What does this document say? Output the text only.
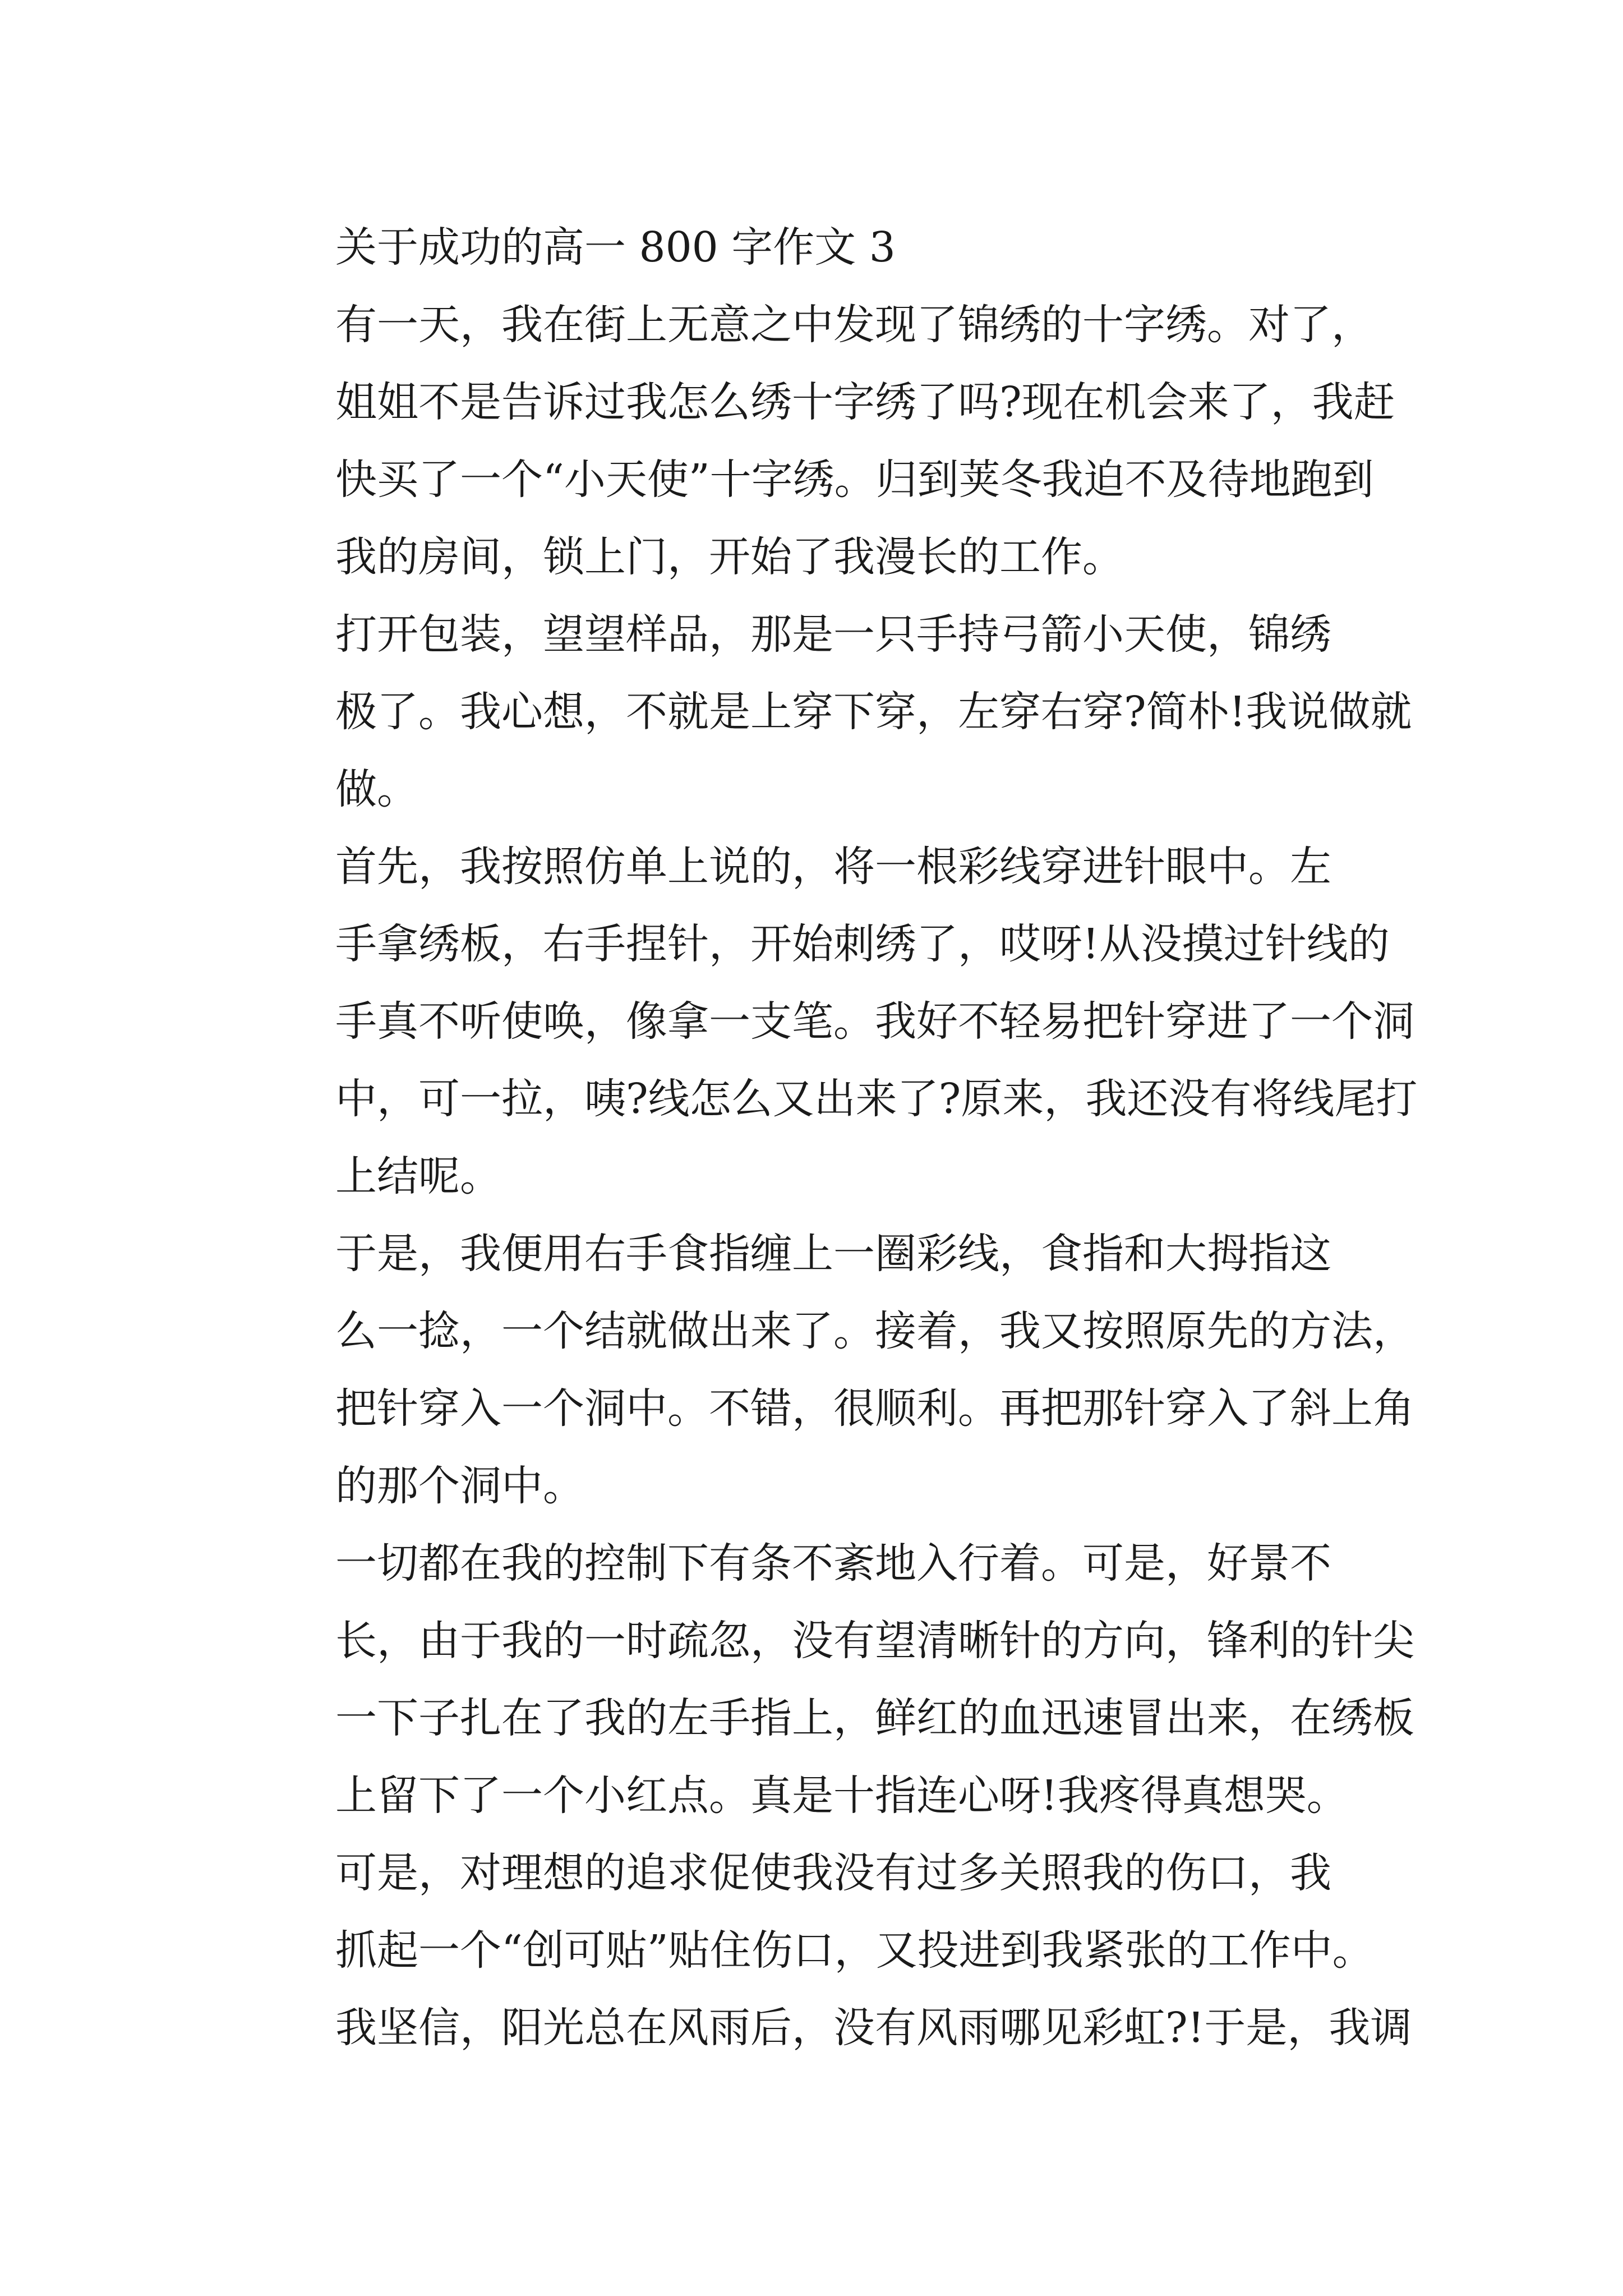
关于成功的高一 800 字作文 3
有一天，我在街上无意之中发现了锦绣的十字绣。对了，
姐姐不是告诉过我怎么绣十字绣了吗?现在机会来了，我赶
快买了一个“小天使”十字绣。归到荚冬我迫不及待地跑到
我的房间，锁上门，开始了我漫长的工作。
打开包装，望望样品，那是一只手持弓箭小天使，锦绣
极了。我心想，不就是上穿下穿，左穿右穿?简朴!我说做就
做。
首先，我按照仿单上说的，将一根彩线穿进针眼中。左
手拿绣板，右手捏针，开始刺绣了，哎呀!从没摸过针线的
手真不听使唤，像拿一支笔。我好不轻易把针穿进了一个洞
中，可一拉，咦?线怎么又出来了?原来，我还没有将线尾打
上结呢。
于是，我便用右手食指缠上一圈彩线，食指和大拇指这
么一捻，一个结就做出来了。接着，我又按照原先的方法，
把针穿入一个洞中。不错，很顺利。再把那针穿入了斜上角
的那个洞中。
一切都在我的控制下有条不紊地入行着。可是，好景不
长，由于我的一时疏忽，没有望清晰针的方向，锋利的针尖
一下子扎在了我的左手指上，鲜红的血迅速冒出来，在绣板
上留下了一个小红点。真是十指连心呀!我疼得真想哭。
可是，对理想的追求促使我没有过多关照我的伤口，我
抓起一个“创可贴”贴住伤口，又投进到我紧张的工作中。
我坚信，阳光总在风雨后，没有风雨哪见彩虹?!于是，我调
